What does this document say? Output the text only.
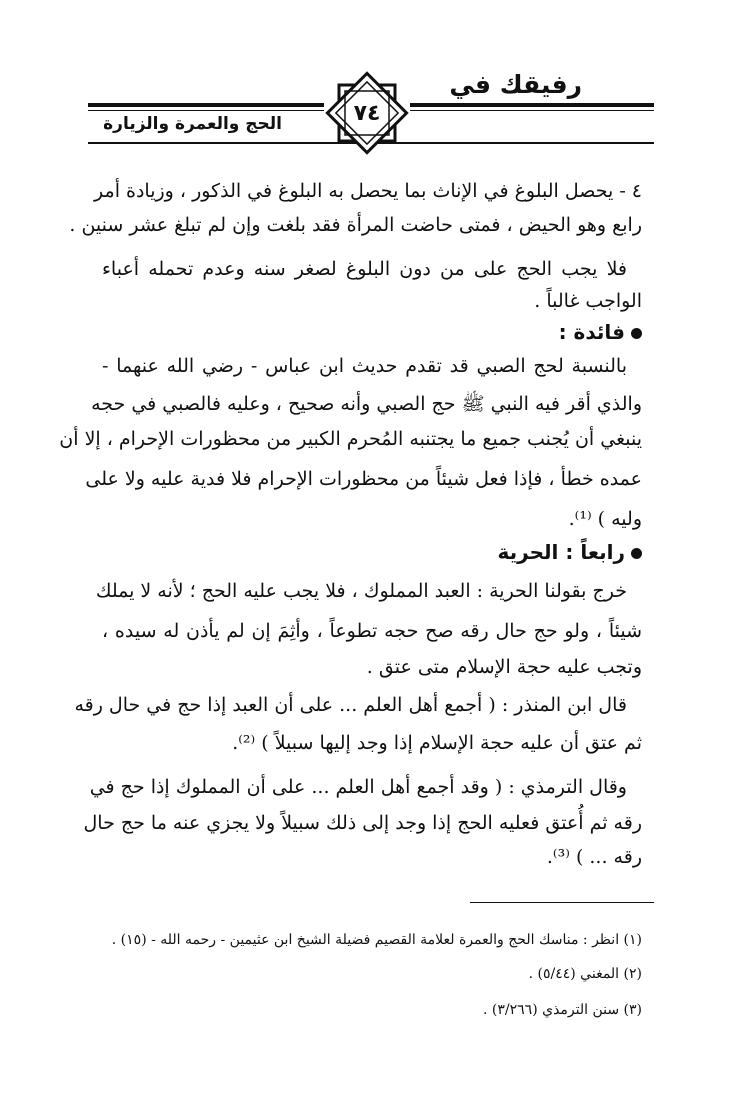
رفيقك في
الحج والعمرة والزيارة	٧٤
٤ - يحصل البلوغ في الإناث بما يحصل به البلوغ في الذكور ، وزيادة أمر
رابع وهو الحيض ، فمتى حاضت المرأة فقد بلغت وإن لم تبلغ عشر سنين .
فلا يجب الحج على من دون البلوغ لصغر سنه وعدم تحمله أعباء
الواجب غالباً .
فائدة :
بالنسبة لحج الصبي قد تقدم حديث ابن عباس - رضي الله عنهما -
والذي أقر فيه النبي ﷺ حج الصبي وأنه صحيح ، وعليه فالصبي في حجه
ينبغي أن يُجنب جميع ما يجتنبه المُحرم الكبير من محظورات الإحرام ، إلا أن
عمده خطأ ، فإذا فعل شيئاً من محظورات الإحرام فلا فدية عليه ولا على
وليه ) ⁽¹⁾.
رابعاً : الحرية
خرج بقولنا الحرية : العبد المملوك ، فلا يجب عليه الحج ؛ لأنه لا يملك
شيئاً ، ولو حج حال رقه صح حجه تطوعاً ، وأثِمَ إن لم يأذن له سيده ،
وتجب عليه حجة الإسلام متى عتق .
قال ابن المنذر : ( أجمع أهل العلم ... على أن العبد إذا حج في حال رقه
ثم عتق أن عليه حجة الإسلام إذا وجد إليها سبيلاً ) ⁽²⁾.
وقال الترمذي : ( وقد أجمع أهل العلم ... على أن المملوك إذا حج في
رقه ثم أُعتق فعليه الحج إذا وجد إلى ذلك سبيلاً ولا يجزي عنه ما حج حال
رقه ... ) ⁽³⁾.
(١) انظر : مناسك الحج والعمرة لعلامة القصيم فضيلة الشيخ ابن عثيمين - رحمه الله - (١٥) .
(٢) المغني (٥/٤٤) .
(٣) سنن الترمذي (٣/٢٦٦) .
